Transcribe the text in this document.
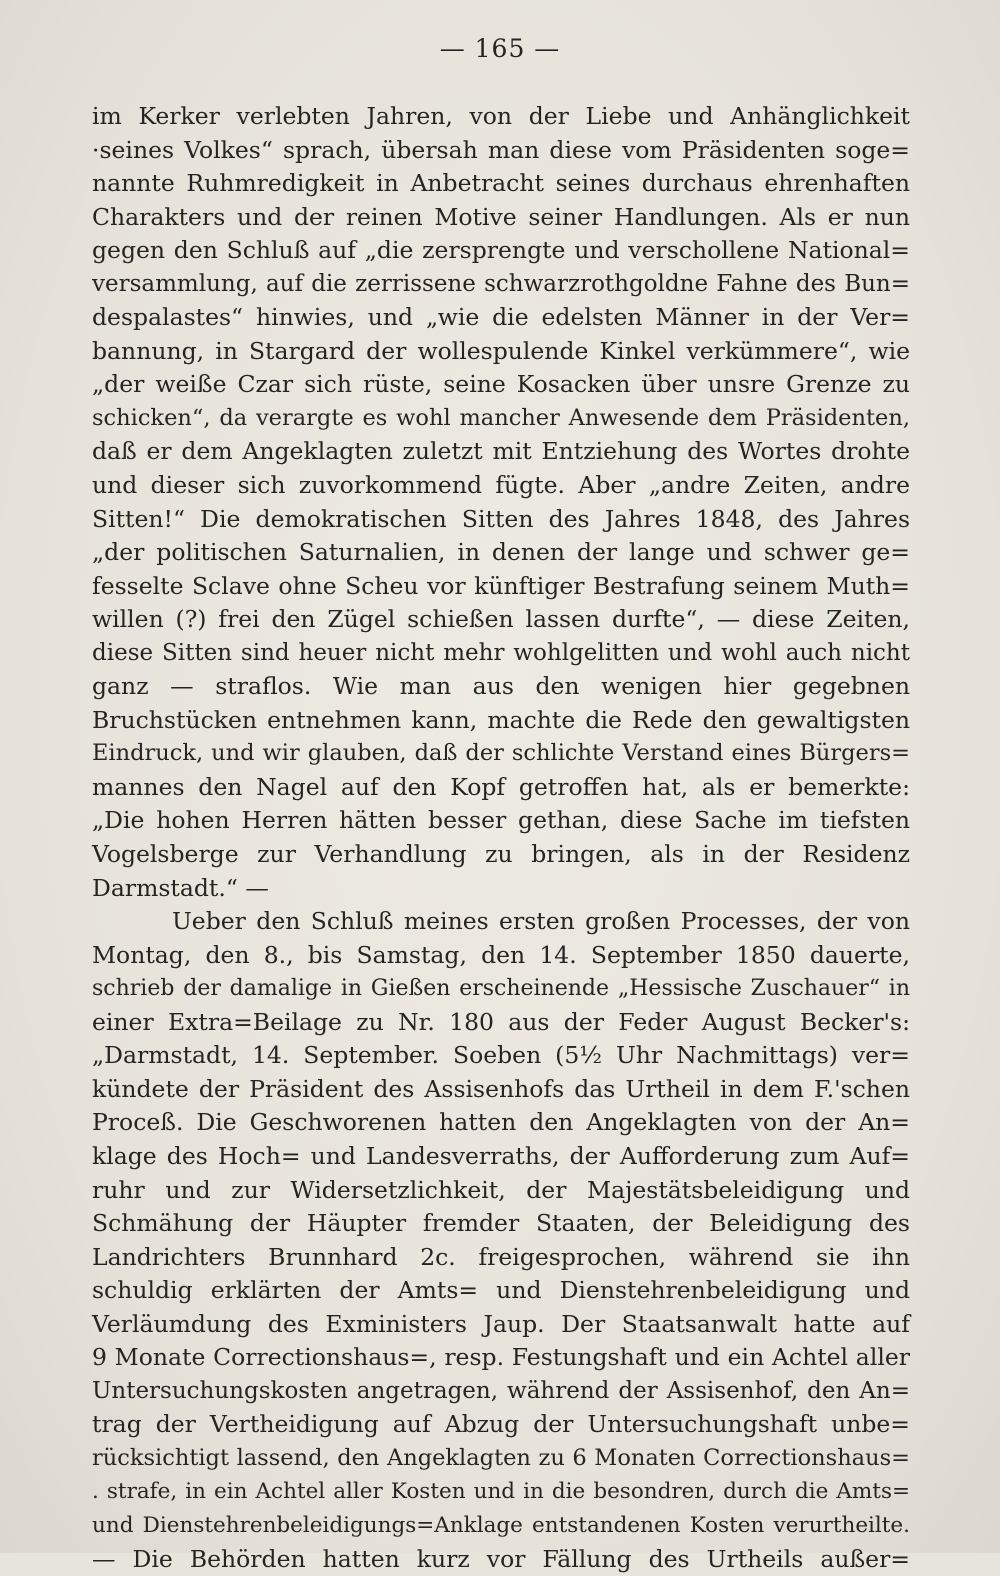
— 165 —
im Kerker verlebten Jahren, von der Liebe und Anhänglichkeit
·seines Volkes“ sprach, übersah man diese vom Präsidenten soge=
nannte Ruhmredigkeit in Anbetracht seines durchaus ehrenhaften
Charakters und der reinen Motive seiner Handlungen. Als er nun
gegen den Schluß auf „die zersprengte und verschollene National=
versammlung, auf die zerrissene schwarzrothgoldne Fahne des Bun=
despalastes“ hinwies, und „wie die edelsten Männer in der Ver=
bannung, in Stargard der wollespulende Kinkel verkümmere“, wie
„der weiße Czar sich rüste, seine Kosacken über unsre Grenze zu
schicken“, da verargte es wohl mancher Anwesende dem Präsidenten,
daß er dem Angeklagten zuletzt mit Entziehung des Wortes drohte
und dieser sich zuvorkommend fügte. Aber „andre Zeiten, andre
Sitten!“ Die demokratischen Sitten des Jahres 1848, des Jahres
„der politischen Saturnalien, in denen der lange und schwer ge=
fesselte Sclave ohne Scheu vor künftiger Bestrafung seinem Muth=
willen (?) frei den Zügel schießen lassen durfte“, — diese Zeiten,
diese Sitten sind heuer nicht mehr wohlgelitten und wohl auch nicht
ganz — straflos. Wie man aus den wenigen hier gegebnen
Bruchstücken entnehmen kann, machte die Rede den gewaltigsten
Eindruck, und wir glauben, daß der schlichte Verstand eines Bürgers=
mannes den Nagel auf den Kopf getroffen hat, als er bemerkte:
„Die hohen Herren hätten besser gethan, diese Sache im tiefsten
Vogelsberge zur Verhandlung zu bringen, als in der Residenz
Darmstadt.“ —
Ueber den Schluß meines ersten großen Processes, der von
Montag, den 8., bis Samstag, den 14. September 1850 dauerte,
schrieb der damalige in Gießen erscheinende „Hessische Zuschauer“ in
einer Extra=Beilage zu Nr. 180 aus der Feder August Becker's:
„Darmstadt, 14. September. Soeben (5½ Uhr Nachmittags) ver=
kündete der Präsident des Assisenhofs das Urtheil in dem F.'schen
Proceß. Die Geschworenen hatten den Angeklagten von der An=
klage des Hoch= und Landesverraths, der Aufforderung zum Auf=
ruhr und zur Widersetzlichkeit, der Majestätsbeleidigung und
Schmähung der Häupter fremder Staaten, der Beleidigung des
Landrichters Brunnhard 2c. freigesprochen, während sie ihn
schuldig erklärten der Amts= und Dienstehrenbeleidigung und
Verläumdung des Exministers Jaup. Der Staatsanwalt hatte auf
9 Monate Correctionshaus=, resp. Festungshaft und ein Achtel aller
Untersuchungskosten angetragen, während der Assisenhof, den An=
trag der Vertheidigung auf Abzug der Untersuchungshaft unbe=
rücksichtigt lassend, den Angeklagten zu 6 Monaten Correctionshaus=
. strafe, in ein Achtel aller Kosten und in die besondren, durch die Amts=
und Dienstehrenbeleidigungs=Anklage entstandenen Kosten verurtheilte.
— Die Behörden hatten kurz vor Fällung des Urtheils außer=
